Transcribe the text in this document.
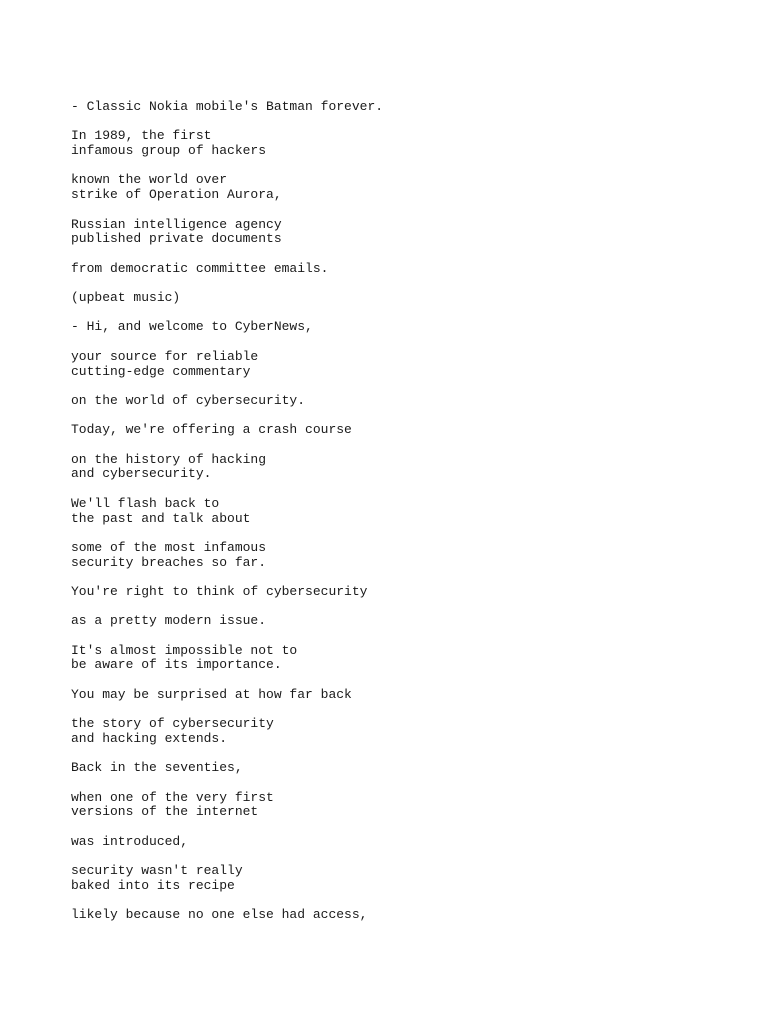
- Classic Nokia mobile's Batman forever.
In 1989, the first
infamous group of hackers
known the world over
strike of Operation Aurora,
Russian intelligence agency
published private documents
from democratic committee emails.
(upbeat music)
- Hi, and welcome to CyberNews,
your source for reliable
cutting-edge commentary
on the world of cybersecurity.
Today, we're offering a crash course
on the history of hacking
and cybersecurity.
We'll flash back to
the past and talk about
some of the most infamous
security breaches so far.
You're right to think of cybersecurity
as a pretty modern issue.
It's almost impossible not to
be aware of its importance.
You may be surprised at how far back
the story of cybersecurity
and hacking extends.
Back in the seventies,
when one of the very first
versions of the internet
was introduced,
security wasn't really
baked into its recipe
likely because no one else had access,
